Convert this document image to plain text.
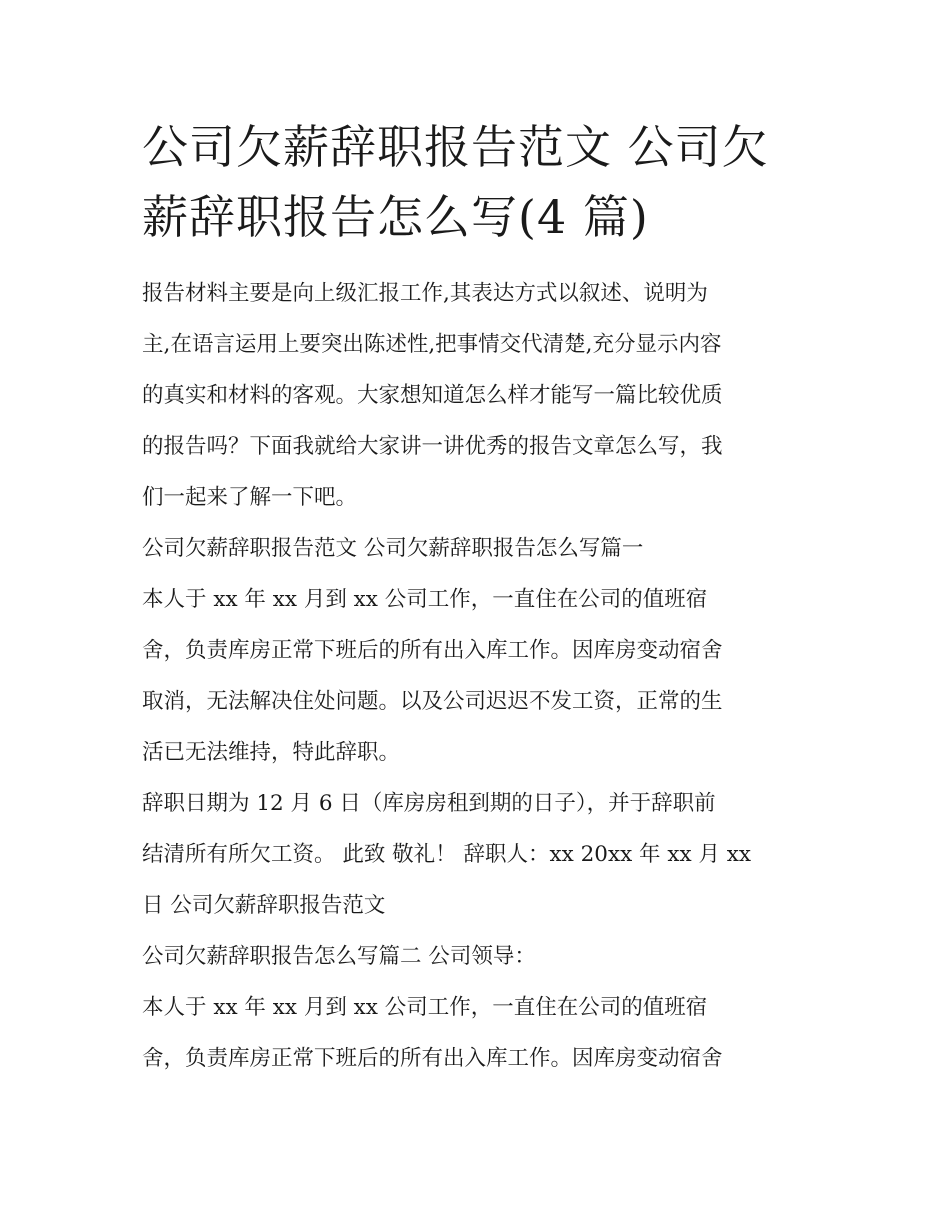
公司欠薪辞职报告范文 公司欠
薪辞职报告怎么写(4 篇)
报告材料主要是向上级汇报工作,其表达方式以叙述、说明为
主,在语言运用上要突出陈述性,把事情交代清楚,充分显示内容
的真实和材料的客观。大家想知道怎么样才能写一篇比较优质
的报告吗？下面我就给大家讲一讲优秀的报告文章怎么写，我
们一起来了解一下吧。
公司欠薪辞职报告范文 公司欠薪辞职报告怎么写篇一
本人于 xx 年 xx 月到 xx 公司工作，一直住在公司的值班宿
舍，负责库房正常下班后的所有出入库工作。因库房变动宿舍
取消，无法解决住处问题。以及公司迟迟不发工资，正常的生
活已无法维持，特此辞职。
辞职日期为 12 月 6 日（库房房租到期的日子），并于辞职前
结清所有所欠工资。 此致 敬礼！ 辞职人：xx 20xx 年 xx 月 xx
日 公司欠薪辞职报告范文
公司欠薪辞职报告怎么写篇二 公司领导：
本人于 xx 年 xx 月到 xx 公司工作，一直住在公司的值班宿
舍，负责库房正常下班后的所有出入库工作。因库房变动宿舍
